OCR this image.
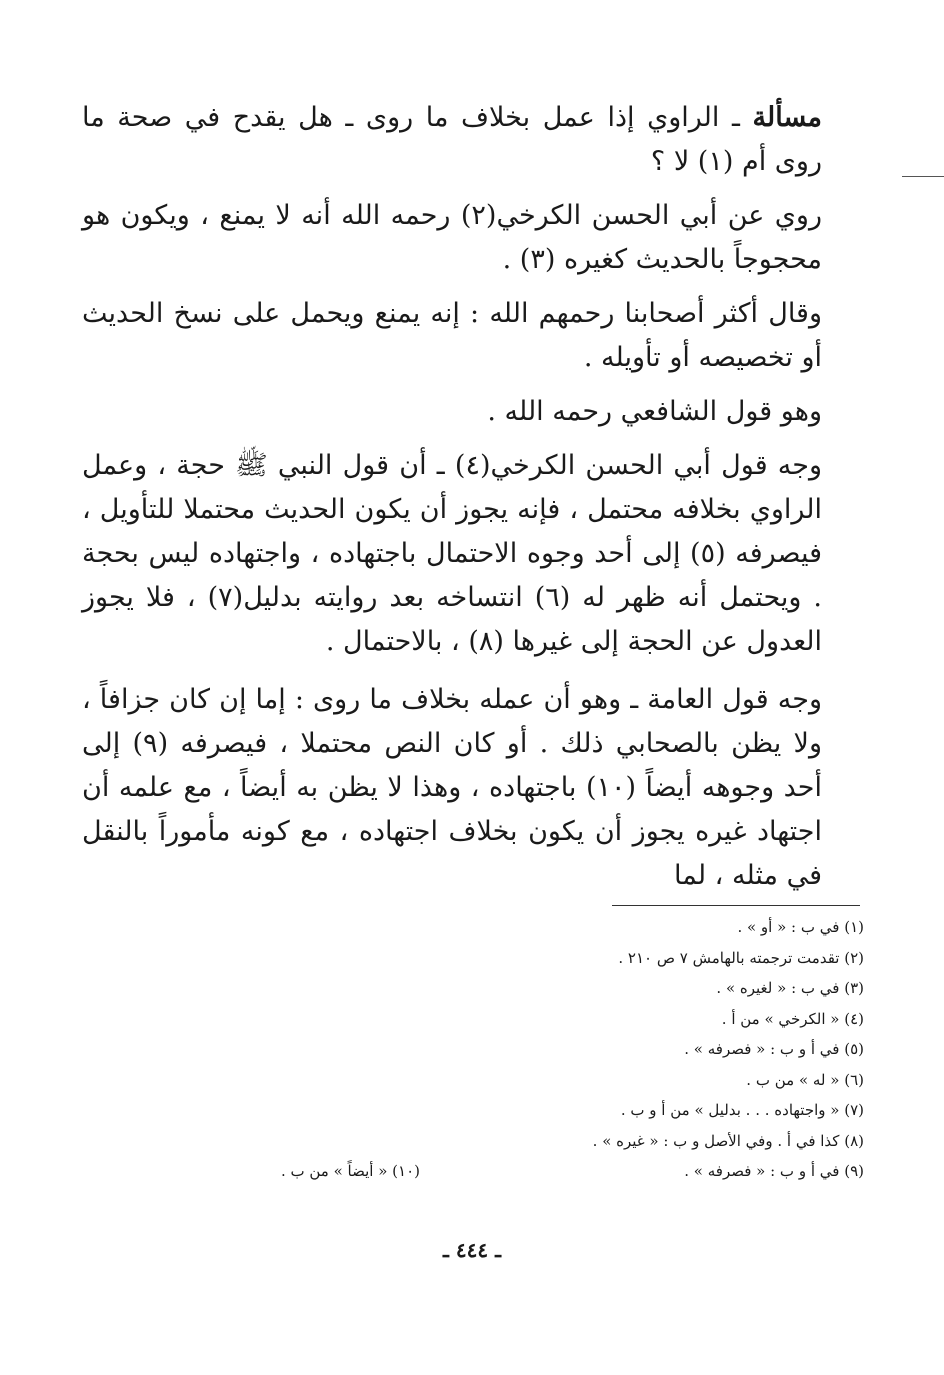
مسألة ـ الراوي إذا عمل بخلاف ما روى ـ هل يقدح في صحة ما روى أم (١) لا ؟

روي عن أبي الحسن الكرخي(٢) رحمه الله أنه لا يمنع ، ويكون هو محجوجاً بالحديث كغيره (٣) .

وقال أكثر أصحابنا رحمهم الله : إنه يمنع ويحمل على نسخ الحديث أو تخصيصه أو تأويله .

وهو قول الشافعي رحمه الله .

وجه قول أبي الحسن الكرخي(٤) ـ أن قول النبي ﷺ حجة ، وعمل الراوي بخلافه محتمل ، فإنه يجوز أن يكون الحديث محتملا للتأويل ، فيصرفه (٥) إلى أحد وجوه الاحتمال باجتهاده ، واجتهاده ليس بحجة . ويحتمل أنه ظهر له (٦) انتساخه بعد روايته بدليل(٧) ، فلا يجوز العدول عن الحجة إلى غيرها (٨) ، بالاحتمال .

وجه قول العامة ـ وهو أن عمله بخلاف ما روى : إما إن كان جزافاً ، ولا يظن بالصحابي ذلك . أو كان النص محتملا ، فيصرفه (٩) إلى أحد وجوهه أيضاً (١٠) باجتهاده ، وهذا لا يظن به أيضاً ، مع علمه أن اجتهاد غيره يجوز أن يكون بخلاف اجتهاده ، مع كونه مأموراً بالنقل في مثله ، لما

(١) في ب : « أو » .
(٢) تقدمت ترجمته بالهامش ٧ ص ٢١٠ .
(٣) في ب : « لغيره » .
(٤) « الكرخي » من أ .
(٥) في أ و ب : « فصرفه » .
(٦) « له » من ب .
(٧) « واجتهاده . . . بدليل » من أ و ب .
(٨) كذا في أ . وفي الأصل و ب : « غيره » .
(٩) في أ و ب : « فصرفه » .
(١٠) « أيضاً » من ب .
ـ ٤٤٤ ـ
